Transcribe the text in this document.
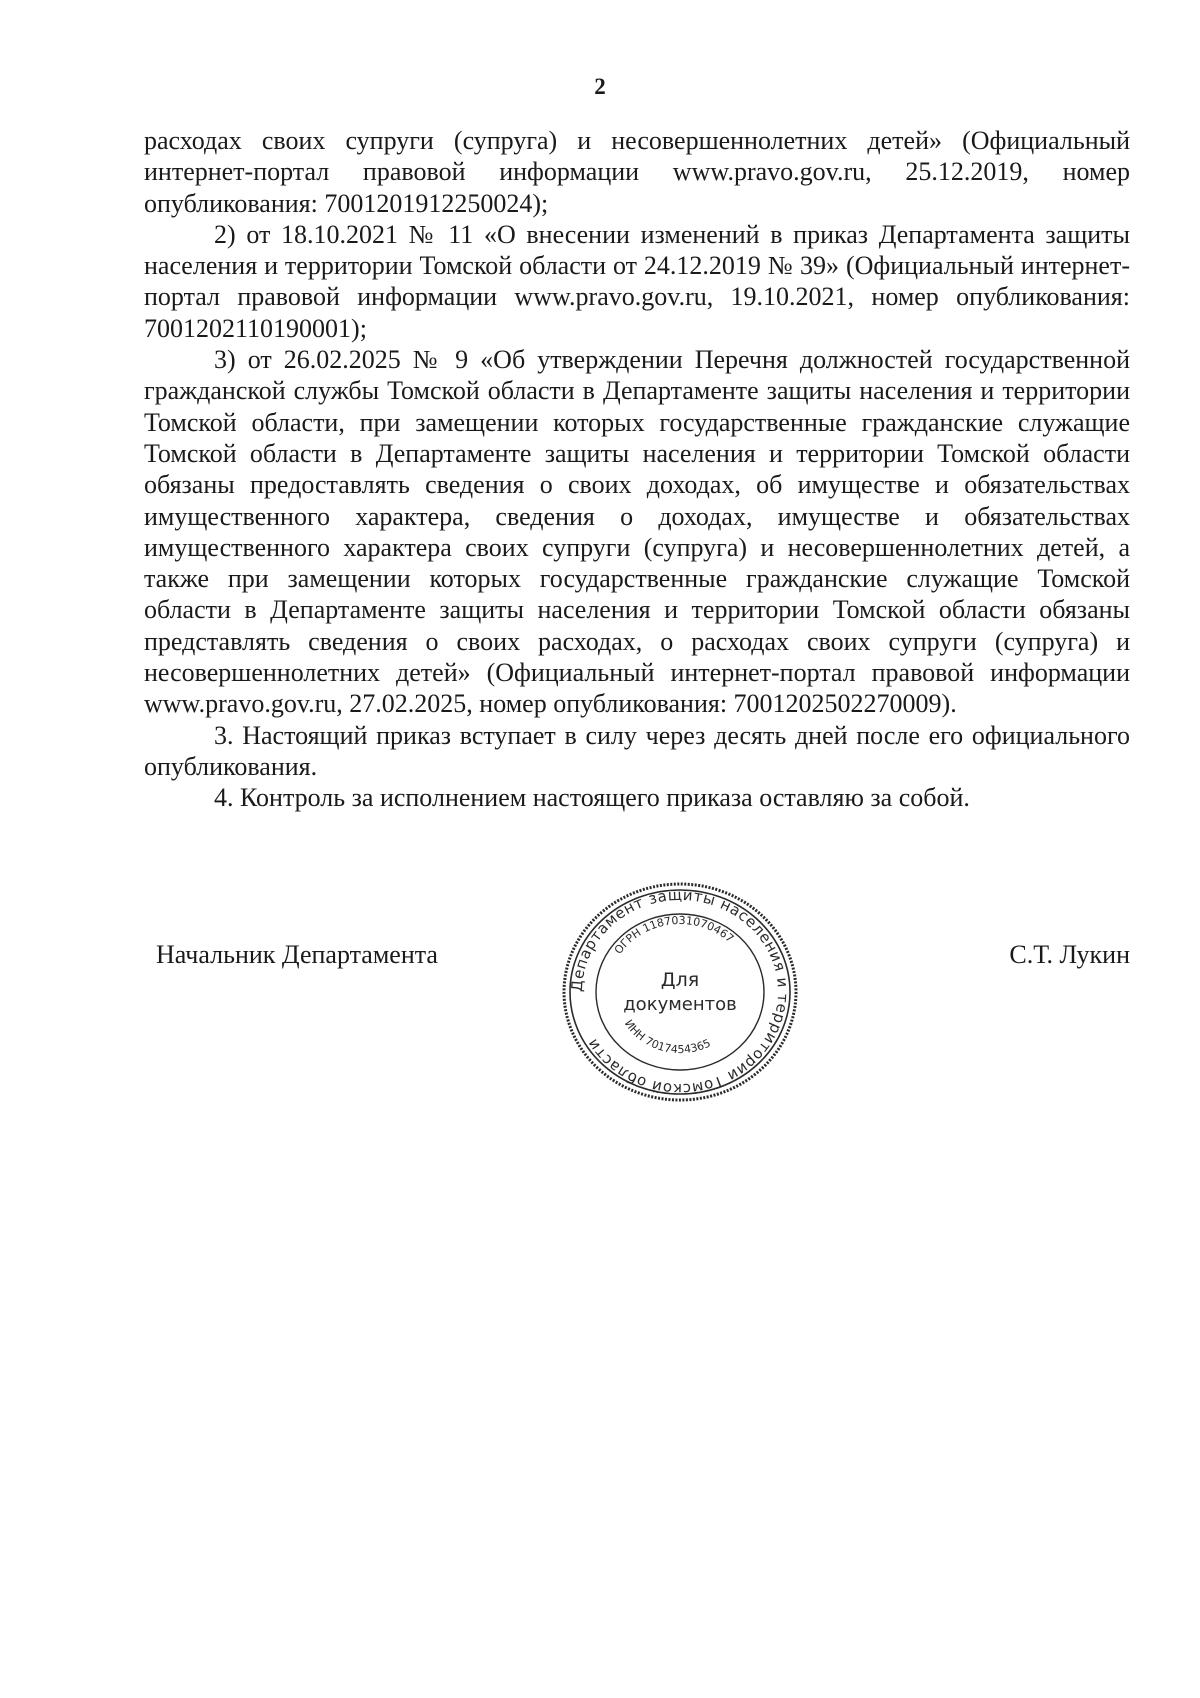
2

расходах своих супруги (супруга) и несовершеннолетних детей» (Официальный интернет-портал правовой информации www.pravo.gov.ru, 25.12.2019, номер опубликования: 7001201912250024);

2) от 18.10.2021 № 11 «О внесении изменений в приказ Департамента защиты населения и территории Томской области от 24.12.2019 № 39» (Официальный интернет-портал правовой информации www.pravo.gov.ru, 19.10.2021, номер опубликования: 7001202110190001);

3) от 26.02.2025 № 9 «Об утверждении Перечня должностей государственной гражданской службы Томской области в Департаменте защиты населения и территории Томской области, при замещении которых государственные гражданские служащие Томской области в Департаменте защиты населения и территории Томской области обязаны предоставлять сведения о своих доходах, об имуществе и обязательствах имущественного характера, сведения о доходах, имуществе и обязательствах имущественного характера своих супруги (супруга) и несовершеннолетних детей, а также при замещении которых государственные гражданские служащие Томской области в Департаменте защиты населения и территории Томской области обязаны представлять сведения о своих расходах, о расходах своих супруги (супруга) и несовершеннолетних детей» (Официальный интернет-портал правовой информации www.pravo.gov.ru, 27.02.2025, номер опубликования: 7001202502270009).

3. Настоящий приказ вступает в силу через десять дней после его официального опубликования.

4. Контроль за исполнением настоящего приказа оставляю за собой.

Начальник Департамента	С.Т. Лукин
Департамент защиты населения и территории Томской области
ОГРН 1187031070467
ИНН 7017454365
Для
документов
